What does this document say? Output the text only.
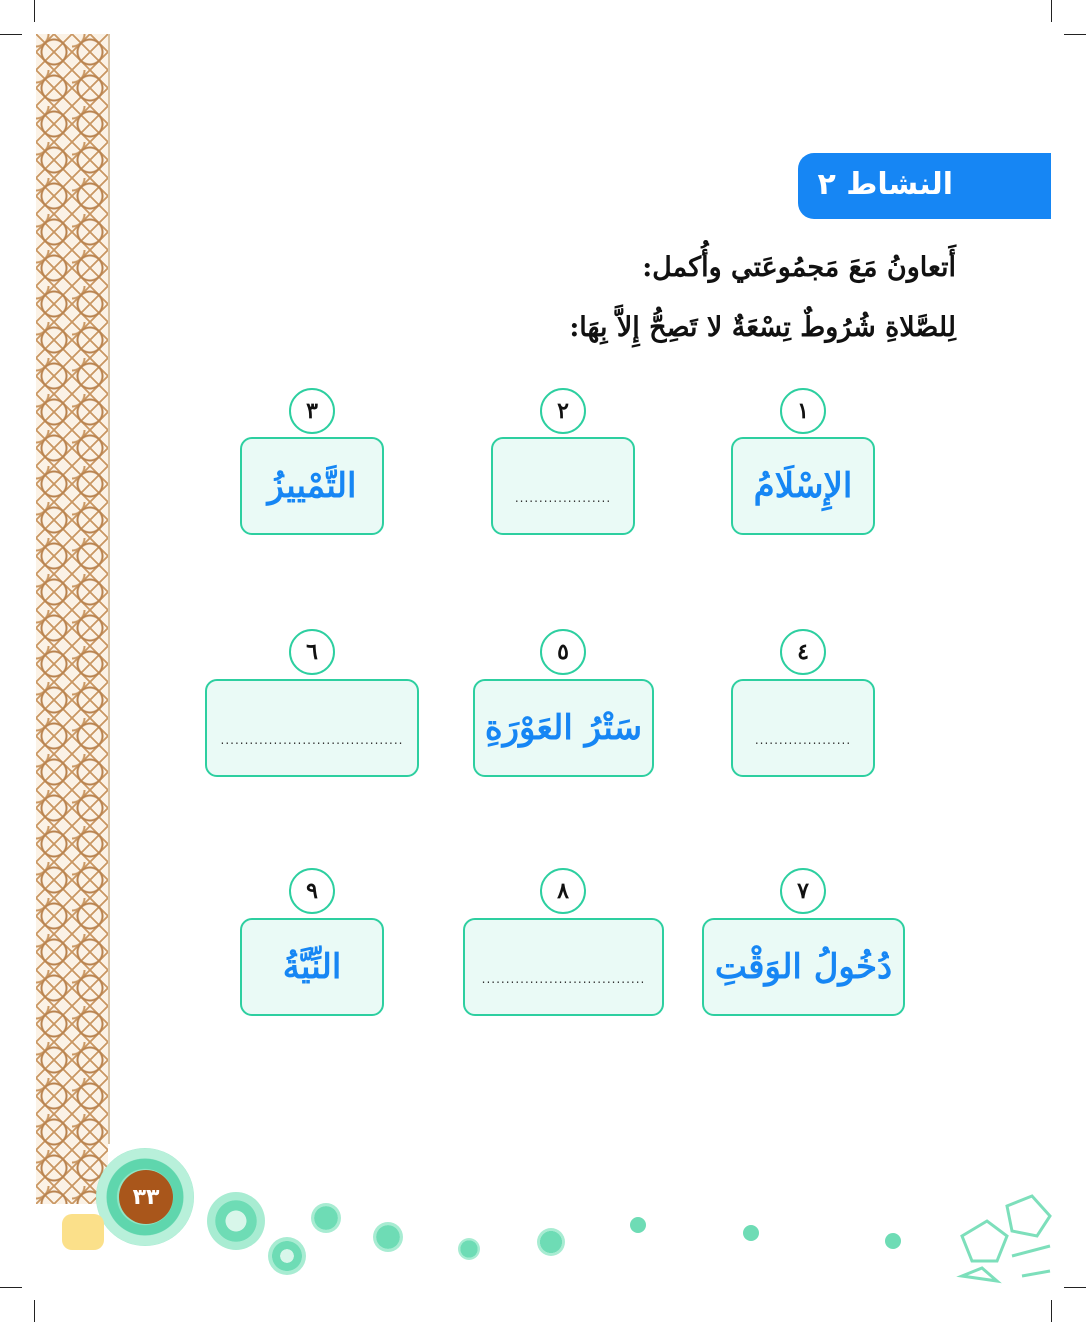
النشاط ٢
أَتعاونُ مَعَ مَجمُوعَتي وأُكمل:
لِلصَّلاةِ شُرُوطٌ تِسْعَةٌ لا تَصِحُّ إِلاَّ بِهَا:
١
الإِسْلَامُ
٢
....................
٣
التَّمْييزُ
٤
....................
٥
سَتْرُ العَوْرَةِ
٦
......................................
٧
دُخُولُ الوَقْتِ
٨
..................................
٩
النِّيَّةُ
٣٣
